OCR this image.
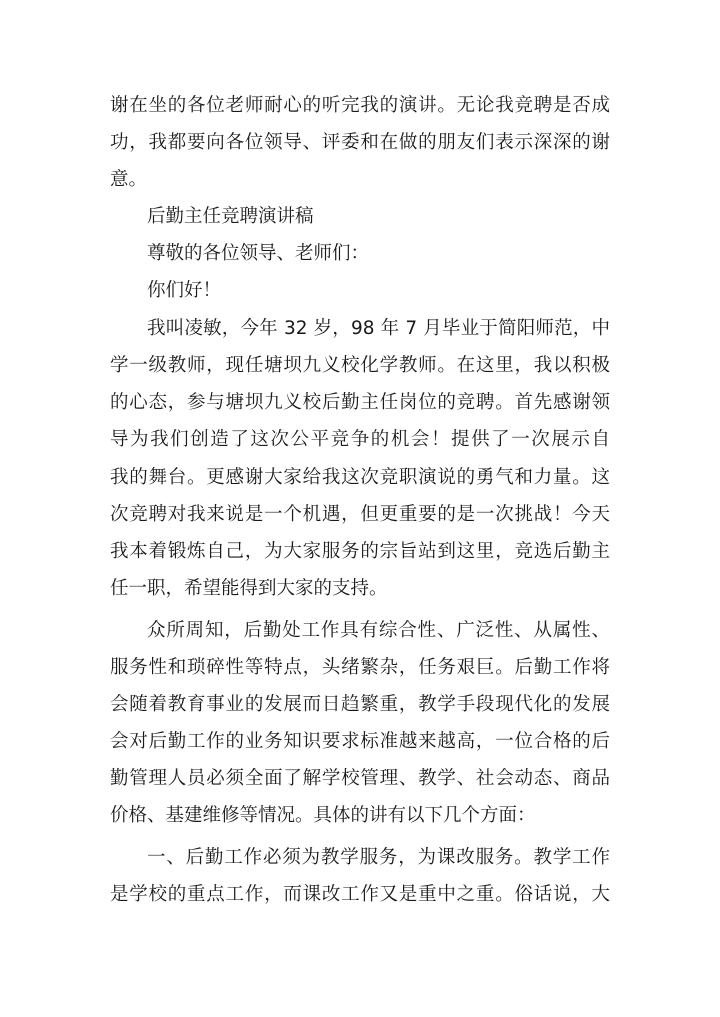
谢在坐的各位老师耐心的听完我的演讲。无论我竞聘是否成
功，我都要向各位领导、评委和在做的朋友们表示深深的谢
意。
后勤主任竞聘演讲稿
尊敬的各位领导、老师们：
你们好！
我叫凌敏，今年 32 岁，98 年 7 月毕业于简阳师范，中
学一级教师，现任塘坝九义校化学教师。在这里，我以积极
的心态，参与塘坝九义校后勤主任岗位的竞聘。首先感谢领
导为我们创造了这次公平竞争的机会！提供了一次展示自
我的舞台。更感谢大家给我这次竞职演说的勇气和力量。这
次竞聘对我来说是一个机遇，但更重要的是一次挑战！今天
我本着锻炼自己，为大家服务的宗旨站到这里，竞选后勤主
任一职，希望能得到大家的支持。
众所周知，后勤处工作具有综合性、广泛性、从属性、
服务性和琐碎性等特点，头绪繁杂，任务艰巨。后勤工作将
会随着教育事业的发展而日趋繁重，教学手段现代化的发展
会对后勤工作的业务知识要求标准越来越高，一位合格的后
勤管理人员必须全面了解学校管理、教学、社会动态、商品
价格、基建维修等情况。具体的讲有以下几个方面：
一、后勤工作必须为教学服务，为课改服务。教学工作
是学校的重点工作，而课改工作又是重中之重。俗话说，大
